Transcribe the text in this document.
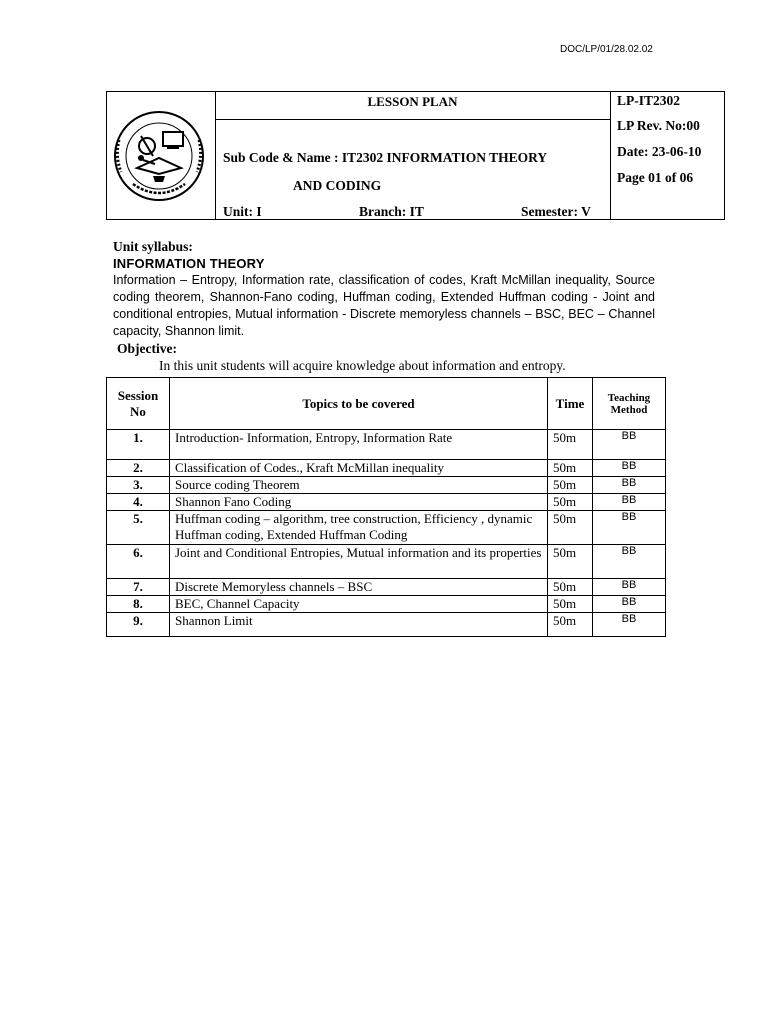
DOC/LP/01/28.02.02
LESSON PLAN
Sub Code & Name : IT2302 INFORMATION THEORY
AND CODING
Unit: I	Branch: IT	Semester: V
LP-IT2302
LP Rev. No:00
Date: 23-06-10
Page 01 of 06
Unit syllabus:
INFORMATION THEORY
Information – Entropy, Information rate, classification of codes, Kraft McMillan inequality, Source coding theorem, Shannon-Fano coding, Huffman coding, Extended Huffman coding - Joint and conditional entropies, Mutual information - Discrete memoryless channels – BSC, BEC – Channel capacity, Shannon limit.
Objective:
In this unit students will acquire knowledge about information and entropy.
Session No	Topics to be covered	Time	Teaching Method
1.	Introduction- Information, Entropy, Information Rate	50m	BB
2.	Classification of Codes., Kraft McMillan inequality	50m	BB
3.	Source coding Theorem	50m	BB
4.	Shannon Fano Coding	50m	BB
5.	Huffman coding – algorithm, tree construction, Efficiency , dynamic Huffman coding, Extended Huffman Coding	50m	BB
6.	Joint and Conditional Entropies, Mutual information and its properties	50m	BB
7.	Discrete Memoryless channels – BSC	50m	BB
8.	BEC, Channel Capacity	50m	BB
9.	Shannon Limit	50m	BB
